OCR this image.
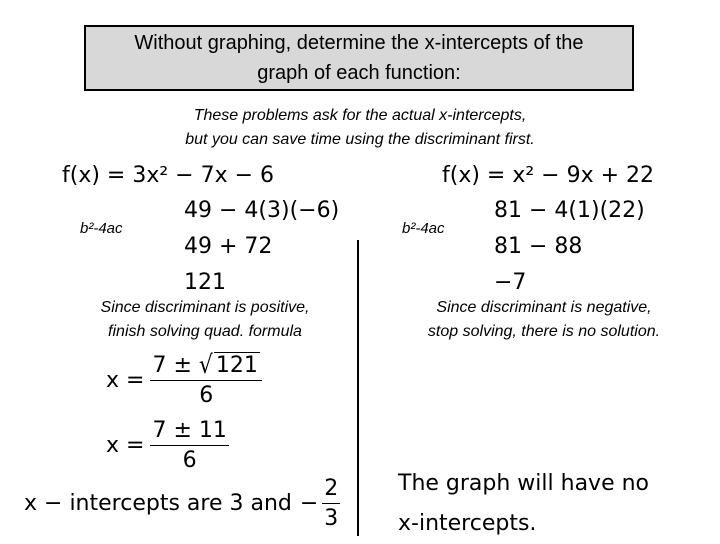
Without graphing, determine the x-intercepts of the
graph of each function:
These problems ask for the actual x-intercepts,
but you can save time using the discriminant first.
f(x) = 3x² − 7x − 6
b²-4ac
49 − 4(3)(−6)
49 + 72
121
Since discriminant is positive,
finish solving quad. formula
$x = \frac{7 \pm √ 121}{6}$
$x = \frac{7 \pm 11}{6}$
x − intercepts are 3 and − $\frac{2}{3}$
f(x) = x² − 9x + 22
b²-4ac
81 − 4(1)(22)
81 − 88
−7
Since discriminant is negative,
stop solving, there is no solution.
The graph will have no
x-intercepts.
